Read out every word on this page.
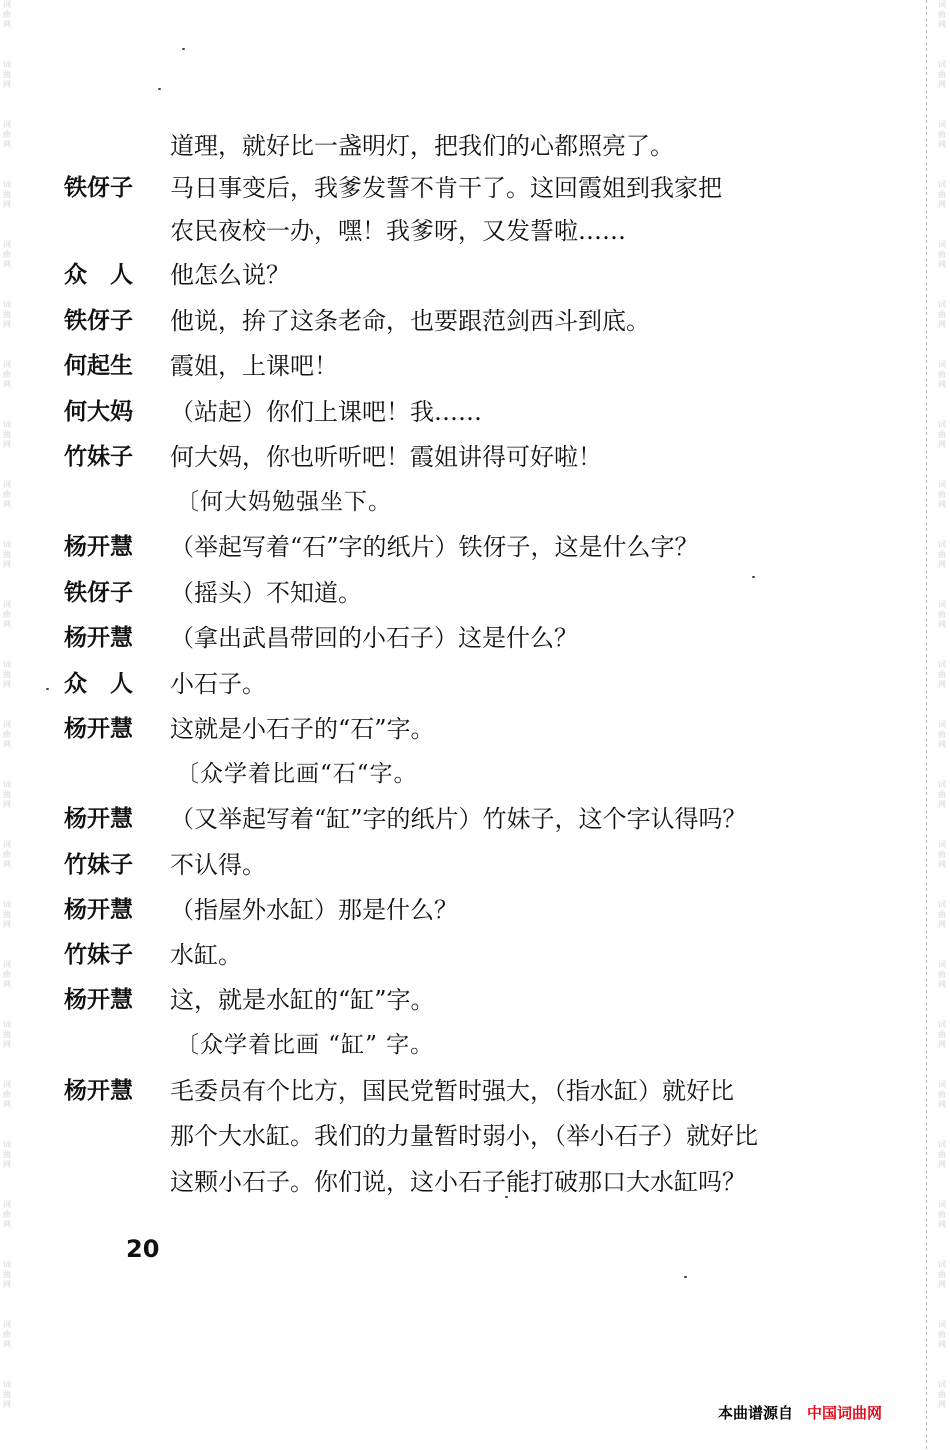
词
曲
网
词
曲
网
词
曲
网
词
曲
网
词
曲
网
词
曲
网
词
曲
网
词
曲
网
词
曲
网
词
曲
网
词
曲
网
词
曲
网
词
曲
网
词
曲
网
词
曲
网
词
曲
网
词
曲
网
词
曲
网
词
曲
网
词
曲
网
词
曲
网
词
曲
网
词
曲
网
词
曲
网
词
曲
网
词
曲
网
词
曲
网
词
曲
网
词
曲
网
词
曲
网
词
曲
网
词
曲
网
词
曲
网
词
曲
网
词
曲
网
词
曲
网
词
曲
网
词
曲
网
词
曲
网
词
曲
网
词
曲
网
词
曲
网
词
曲
网
词
曲
网
词
曲
网
词
曲
网
词
曲
网
词
曲
网
道理，就好比一盏明灯，把我们的心都照亮了。
铁伢子	马日事变后，我爹发誓不肯干了。这回霞姐到我家把
农民夜校一办，嘿！我爹呀，又发誓啦……
众　人	他怎么说？
铁伢子	他说，拚了这条老命，也要跟范剑西斗到底。
何起生	霞姐，上课吧！
何大妈	（站起）你们上课吧！我……
竹妹子	何大妈，你也听听吧！霞姐讲得可好啦！
〔何大妈勉强坐下。
杨开慧	（举起写着“石”字的纸片）铁伢子，这是什么字？
铁伢子	（摇头）不知道。
杨开慧	（拿出武昌带回的小石子）这是什么？
众　人	小石子。
杨开慧	这就是小石子的“石”字。
〔众学着比画“石“字。
杨开慧	（又举起写着“缸”字的纸片）竹妹子，这个字认得吗？
竹妹子	不认得。
杨开慧	（指屋外水缸）那是什么？
竹妹子	水缸。
杨开慧	这，就是水缸的“缸”字。
〔众学着比画 “缸” 字。
杨开慧	毛委员有个比方，国民党暂时强大，（指水缸）就好比
那个大水缸。我们的力量暂时弱小，（举小石子）就好比
这颗小石子。你们说，这小石子能打破那口大水缸吗？
20
本曲谱源自 中国词曲网
